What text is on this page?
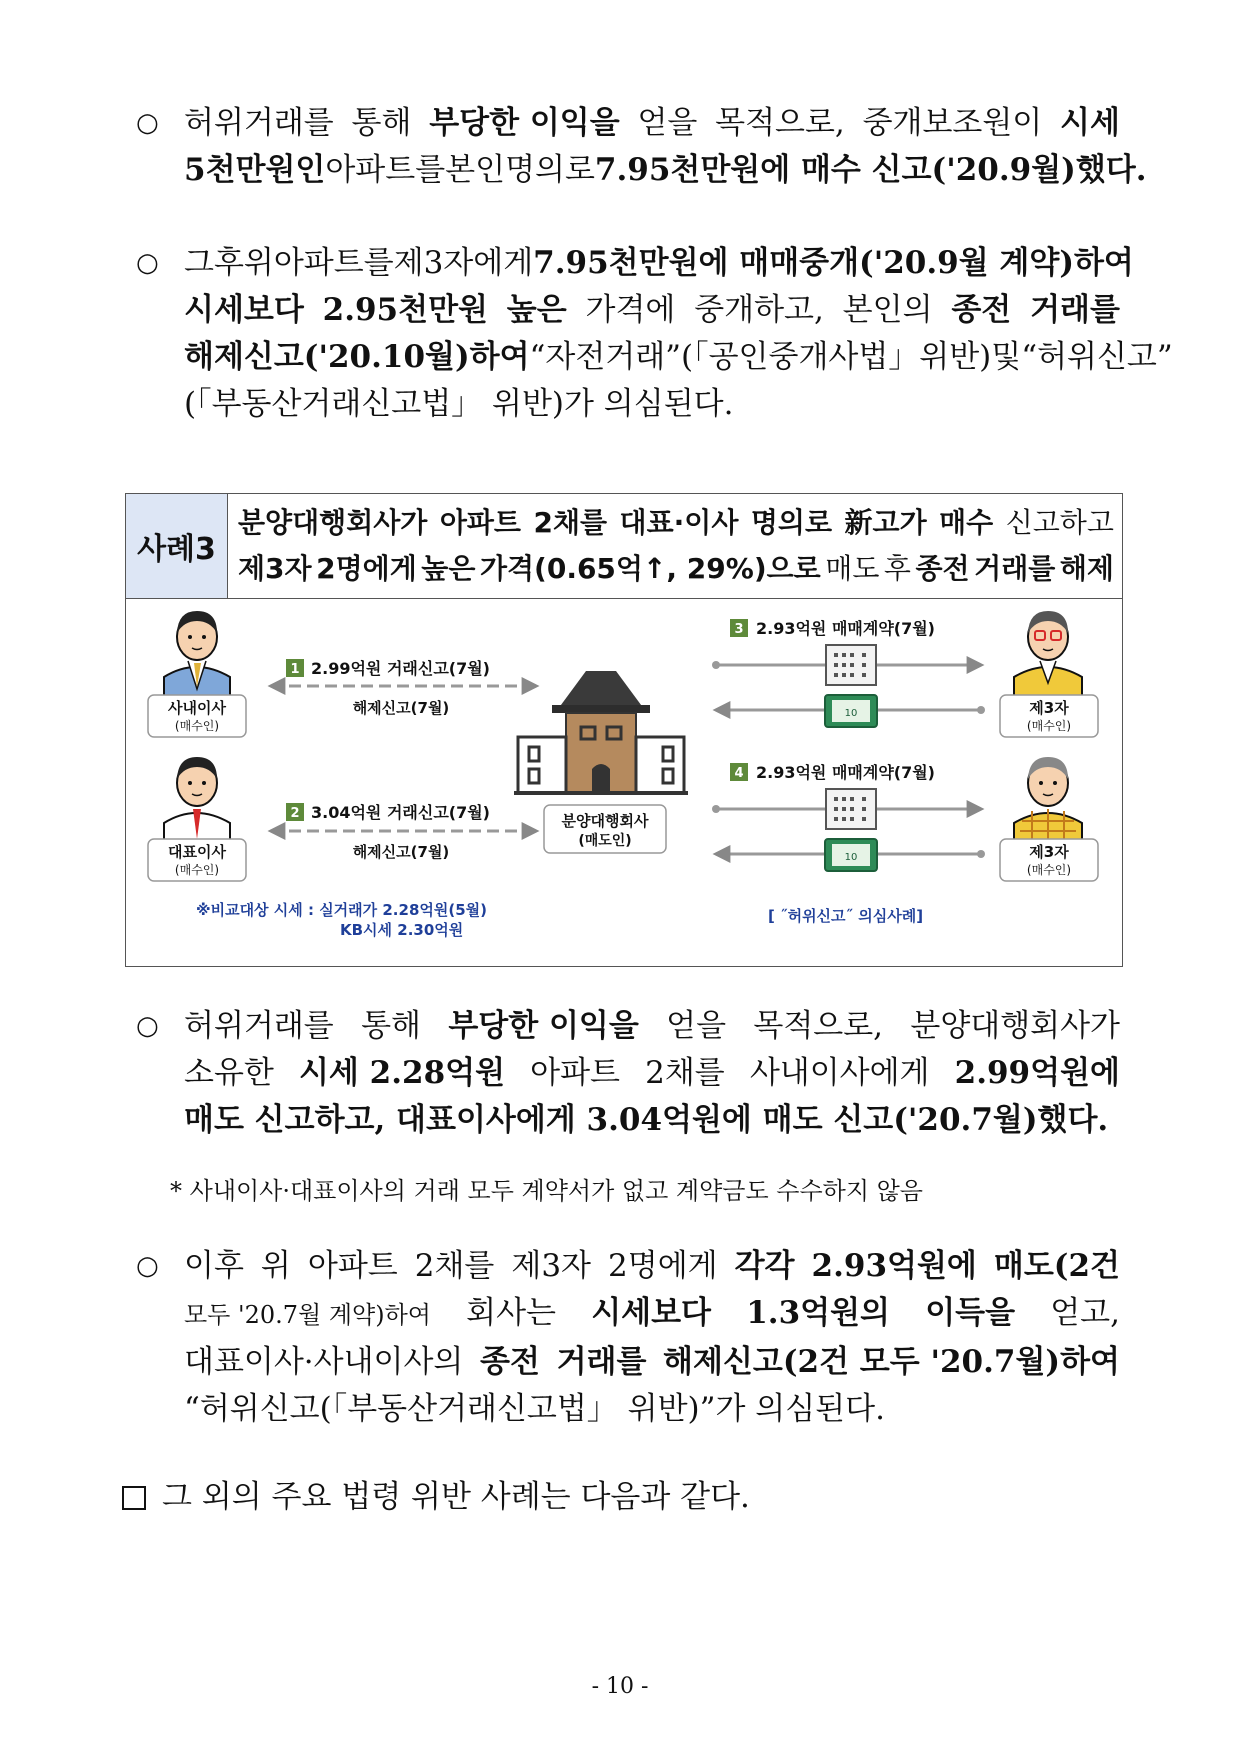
○ 허위거래를 통해 부당한 이익을 얻을 목적으로, 중개보조원이 시세
5천만원인 아파트를 본인 명의로 7.95천만원에 매수 신고('20.9월)했다.
○ 그 후 위 아파트를 제3자에게 7.95천만원에 매매중개('20.9월 계약)하여
시세보다 2.95천만원 높은 가격에 중개하고, 본인의 종전 거래를
해제신고('20.10월)하여 “자전거래”(「공인중개사법」 위반) 및 “허위신고”
(「부동산거래신고법」 위반)가 의심된다.
사례3
분양대행회사가 아파트 2채를 대표·이사 명의로 新고가 매수 신고하고
제3자 2명에게 높은 가격(0.65억↑, 29%)으로 매도 후 종전 거래를 해제
사내이사
(매수인)
대표이사
(매수인)
1 2.99억원 거래신고(7월)
해제신고(7월)
2 3.04억원 거래신고(7월)
해제신고(7월)
분양대행회사
(매도인)
3 2.93억원 매매계약(7월)
10
4 2.93억원 매매계약(7월)
10
제3자
(매수인)
제3자
(매수인)
※비교대상 시세 : 실거래가 2.28억원(5월)
KB시세 2.30억원
[ ˝허위신고˝ 의심사례]
○ 허위거래를 통해 부당한 이익을 얻을 목적으로, 분양대행회사가
소유한 시세 2.28억원 아파트 2채를 사내이사에게 2.99억원에
매도 신고하고, 대표이사에게 3.04억원에 매도 신고('20.7월)했다.
* 사내이사·대표이사의 거래 모두 계약서가 없고 계약금도 수수하지 않음
○ 이후 위 아파트 2채를 제3자 2명에게 각각 2.93억원에 매도(2건
모두 '20.7월 계약)하여 회사는 시세보다 1.3억원의 이득을 얻고,
대표이사·사내이사의 종전 거래를 해제신고(2건 모두 '20.7월)하여
“허위신고(「부동산거래신고법」 위반)”가 의심된다.
그 외의 주요 법령 위반 사례는 다음과 같다.
- 10 -
